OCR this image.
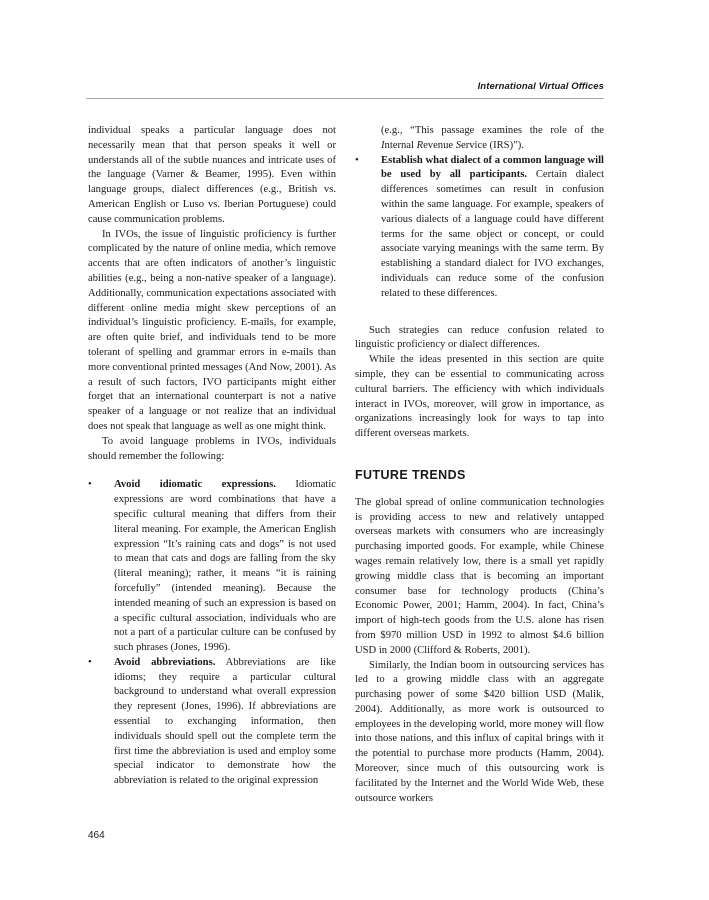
International Virtual Offices

individual speaks a particular language does not necessarily mean that that person speaks it well or understands all of the subtle nuances and intricate uses of the language (Varner & Beamer, 1995). Even within language groups, dialect differences (e.g., British vs. American English or Luso vs. Iberian Portuguese) could cause communication problems.

In IVOs, the issue of linguistic proficiency is further complicated by the nature of online media, which remove accents that are often indicators of another’s linguistic abilities (e.g., being a non-native speaker of a language). Additionally, communication expectations associated with different online media might skew perceptions of an individual’s linguistic proficiency. E-mails, for example, are often quite brief, and individuals tend to be more tolerant of spelling and grammar errors in e-mails than more conventional printed messages (And Now, 2001). As a result of such factors, IVO participants might either forget that an international counterpart is not a native speaker of a language or not realize that an individual does not speak that language as well as one might think.

To avoid language problems in IVOs, individuals should remember the following:

• Avoid idiomatic expressions. Idiomatic expressions are word combinations that have a specific cultural meaning that differs from their literal meaning. For example, the American English expression “It’s raining cats and dogs” is not used to mean that cats and dogs are falling from the sky (literal meaning); rather, it means “it is raining forcefully” (intended meaning). Because the intended meaning of such an expression is based on a specific cultural association, individuals who are not a part of a particular culture can be confused by such phrases (Jones, 1996).
• Avoid abbreviations. Abbreviations are like idioms; they require a particular cultural background to understand what overall expression they represent (Jones, 1996). If abbreviations are essential to exchanging information, then individuals should spell out the complete term the first time the abbreviation is used and employ some special indicator to demonstrate how the abbreviation is related to the original expression
(e.g., “This passage examines the role of the Internal Revenue Service (IRS)”).
• Establish what dialect of a common language will be used by all participants. Certain dialect differences sometimes can result in confusion within the same language. For example, speakers of various dialects of a language could have different terms for the same object or concept, or could associate varying meanings with the same term. By establishing a standard dialect for IVO exchanges, individuals can reduce some of the confusion related to these differences.

Such strategies can reduce confusion related to linguistic proficiency or dialect differences.

While the ideas presented in this section are quite simple, they can be essential to communicating across cultural barriers. The efficiency with which individuals interact in IVOs, moreover, will grow in importance, as organizations increasingly look for ways to tap into different overseas markets.

FUTURE TRENDS

The global spread of online communication technologies is providing access to new and relatively untapped overseas markets with consumers who are increasingly purchasing imported goods. For example, while Chinese wages remain relatively low, there is a small yet rapidly growing middle class that is becoming an important consumer base for technology products (China’s Economic Power, 2001; Hamm, 2004). In fact, China’s import of high-tech goods from the U.S. alone has risen from $970 million USD in 1992 to almost $4.6 billion USD in 2000 (Clifford & Roberts, 2001).

Similarly, the Indian boom in outsourcing services has led to a growing middle class with an aggregate purchasing power of some $420 billion USD (Malik, 2004). Additionally, as more work is outsourced to employees in the developing world, more money will flow into those nations, and this influx of capital brings with it the potential to purchase more products (Hamm, 2004). Moreover, since much of this outsourcing work is facilitated by the Internet and the World Wide Web, these outsource workers

464
